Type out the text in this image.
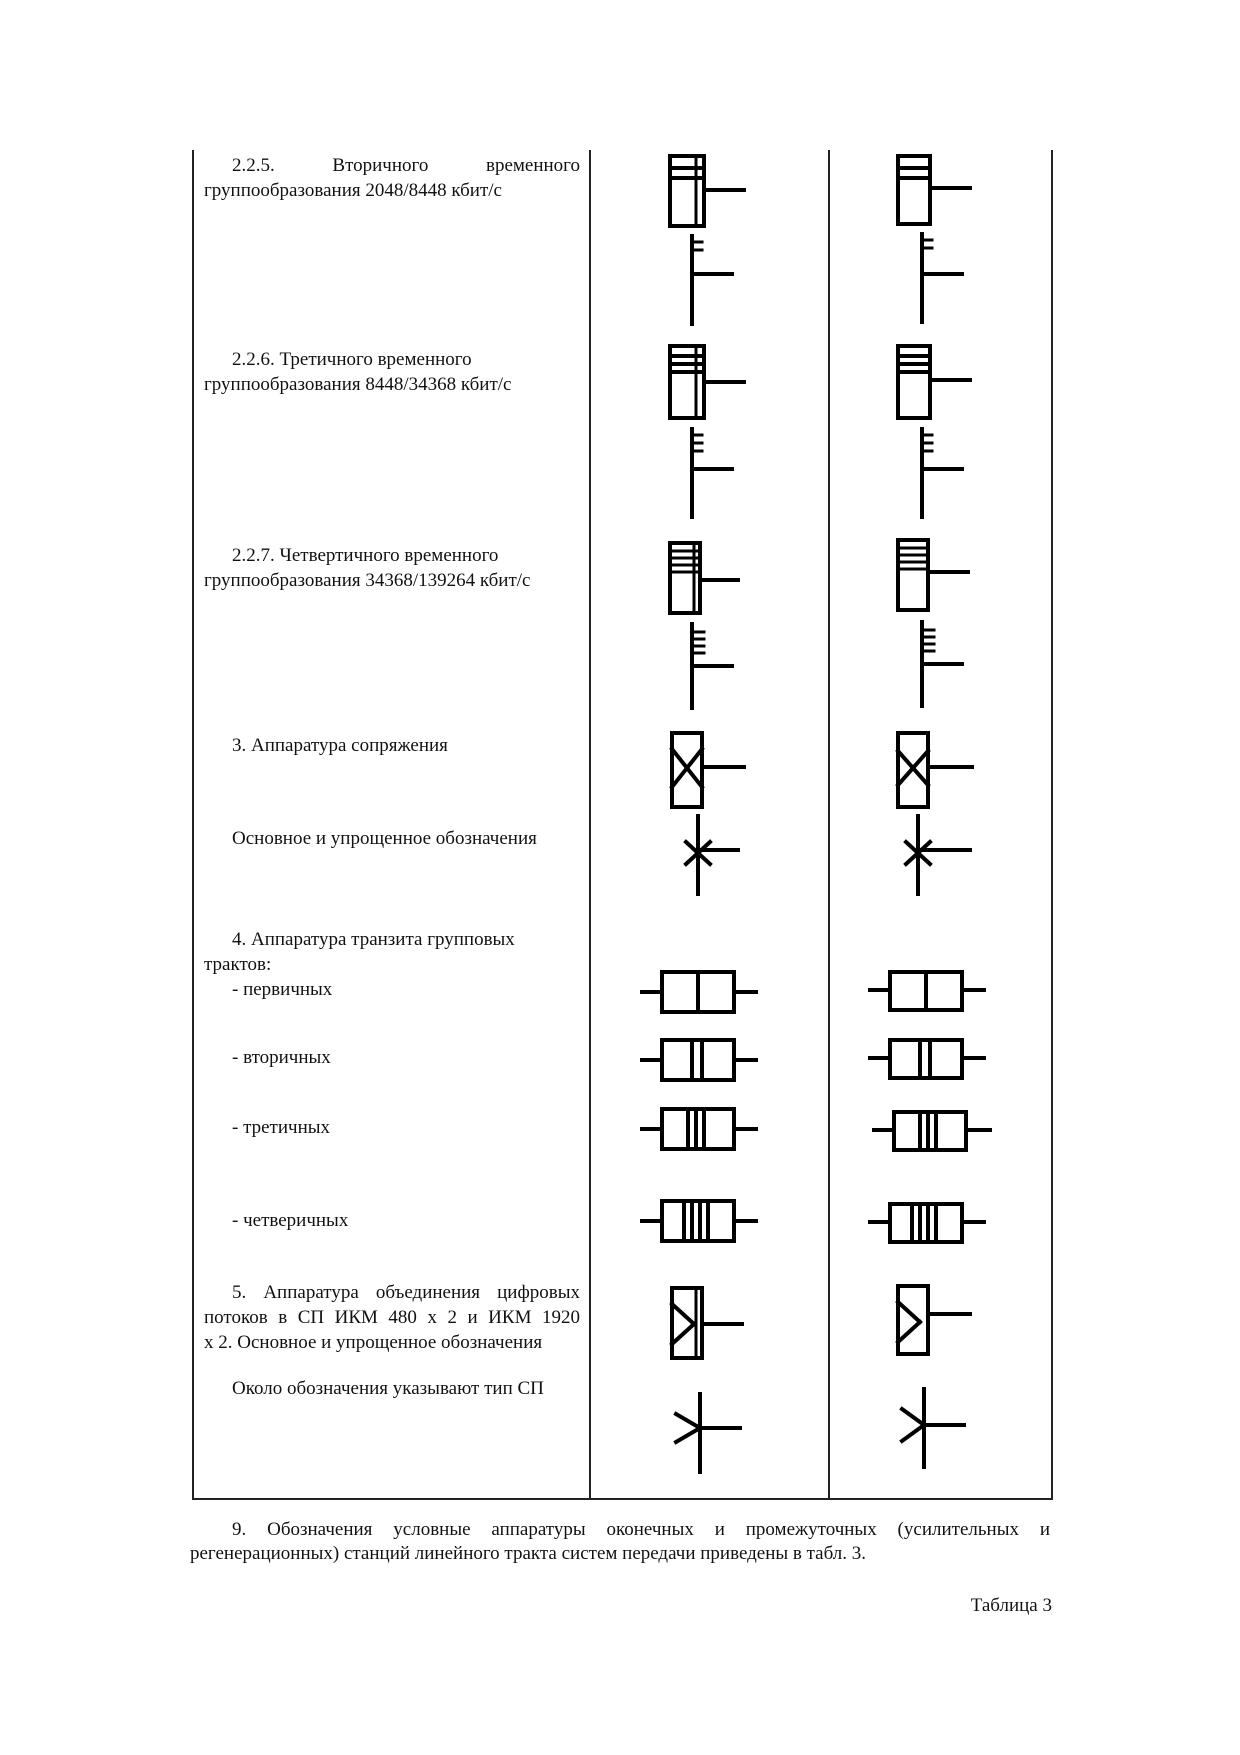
2.2.5. Вторичного временного
группообразования 2048/8448 кбит/с
2.2.6. Третичного временного
группообразования 8448/34368 кбит/с
2.2.7. Четвертичного временного
группообразования 34368/139264 кбит/с
3. Аппаратура сопряжения
Основное и упрощенное обозначения
4. Аппаратура транзита групповых
трактов:
- первичных
- вторичных
- третичных
- четверичных
5. Аппаратура объединения цифровых
потоков в СП ИКМ 480 х 2 и ИКМ 1920
х 2. Основное и упрощенное обозначения
Около обозначения указывают тип СП
9. Обозначения условные аппаратуры оконечных и промежуточных (усилительных и
регенерационных) станций линейного тракта систем передачи приведены в табл. 3.
Таблица 3
